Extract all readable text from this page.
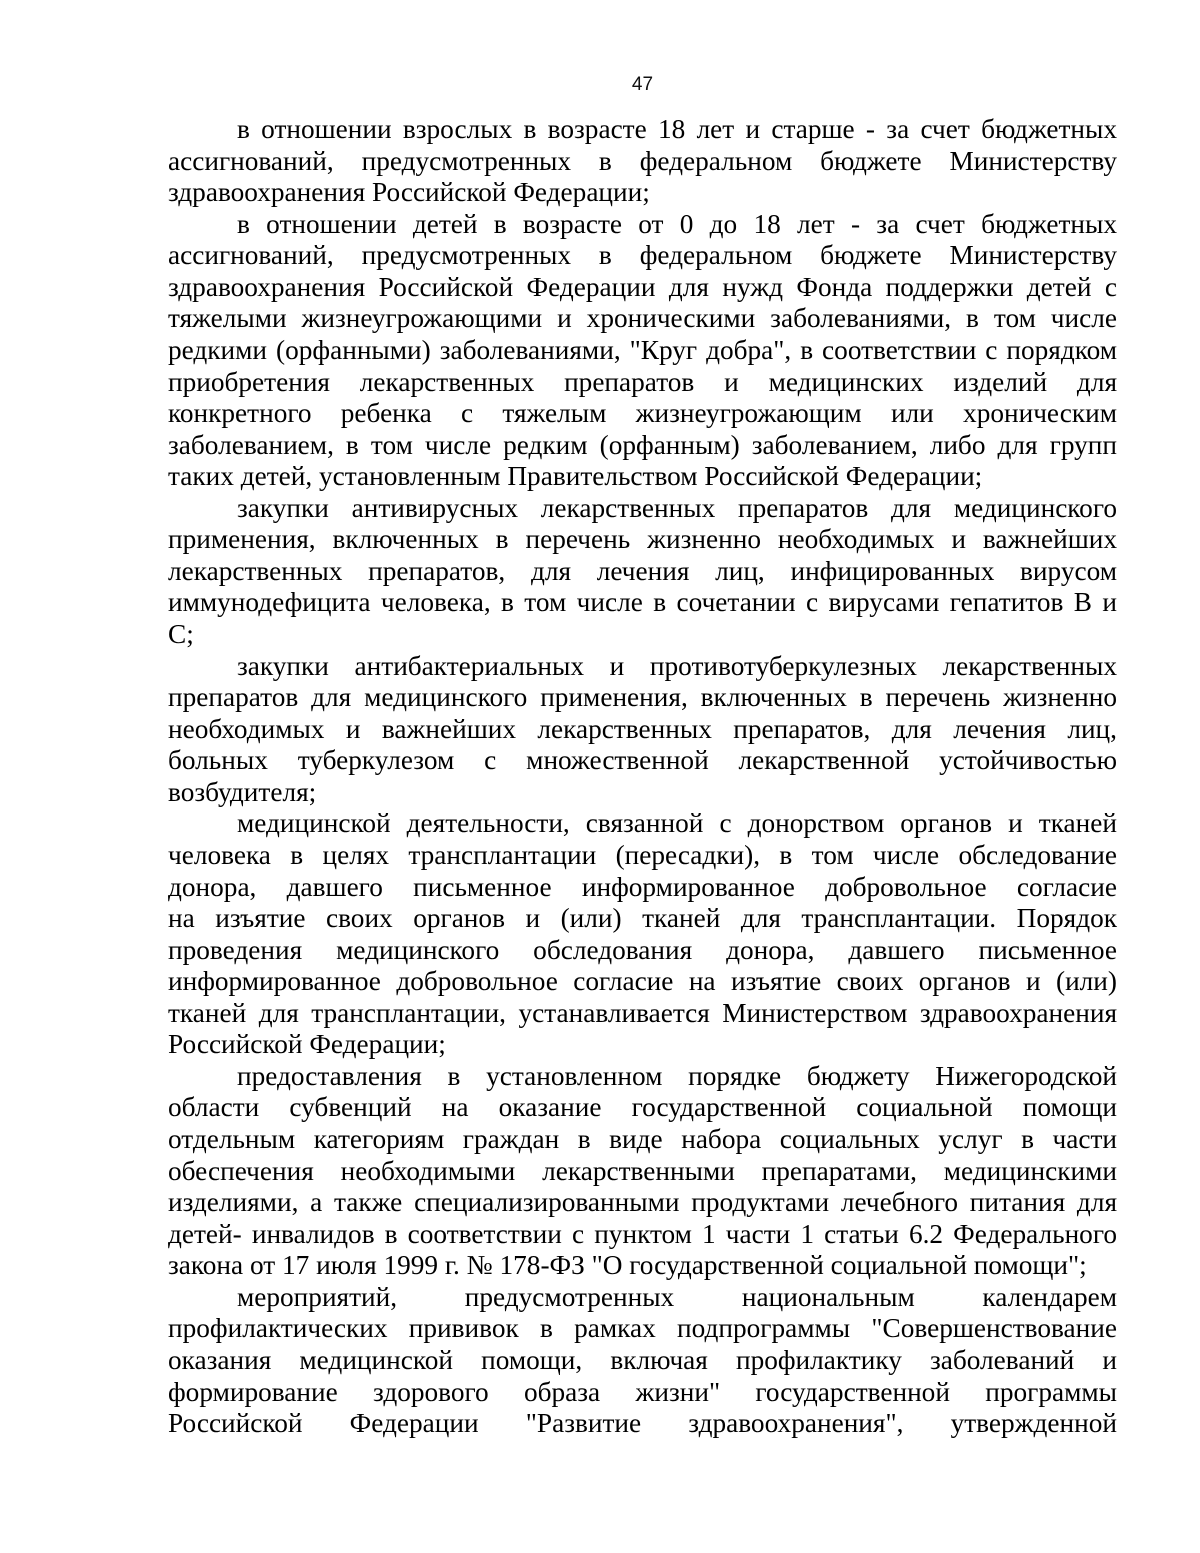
47
в отношении взрослых в возрасте 18 лет и старше - за счет бюджетных
ассигнований, предусмотренных в федеральном бюджете Министерству
здравоохранения Российской Федерации;
в отношении детей в возрасте от 0 до 18 лет - за счет бюджетных
ассигнований, предусмотренных в федеральном бюджете Министерству
здравоохранения Российской Федерации для нужд Фонда поддержки детей с
тяжелыми жизнеугрожающими и хроническими заболеваниями, в том числе
редкими (орфанными) заболеваниями, "Круг добра", в соответствии с порядком
приобретения лекарственных препаратов и медицинских изделий для
конкретного ребенка с тяжелым жизнеугрожающим или хроническим
заболеванием, в том числе редким (орфанным) заболеванием, либо для групп
таких детей, установленным Правительством Российской Федерации;
закупки антивирусных лекарственных препаратов для медицинского
применения, включенных в перечень жизненно необходимых и важнейших
лекарственных препаратов, для лечения лиц, инфицированных вирусом
иммунодефицита человека, в том числе в сочетании с вирусами гепатитов B и
C;
закупки антибактериальных и противотуберкулезных лекарственных
препаратов для медицинского применения, включенных в перечень жизненно
необходимых и важнейших лекарственных препаратов, для лечения лиц,
больных туберкулезом с множественной лекарственной устойчивостью
возбудителя;
медицинской деятельности, связанной с донорством органов и тканей
человека в целях трансплантации (пересадки), в том числе обследование
донора, давшего письменное информированное добровольное согласие
на изъятие своих органов и (или) тканей для трансплантации. Порядок
проведения медицинского обследования донора, давшего письменное
информированное добровольное согласие на изъятие своих органов и (или)
тканей для трансплантации, устанавливается Министерством здравоохранения
Российской Федерации;
предоставления в установленном порядке бюджету Нижегородской
области субвенций на оказание государственной социальной помощи
отдельным категориям граждан в виде набора социальных услуг в части
обеспечения необходимыми лекарственными препаратами, медицинскими
изделиями, а также специализированными продуктами лечебного питания для
детей- инвалидов в соответствии с пунктом 1 части 1 статьи 6.2 Федерального
закона от 17 июля 1999 г. № 178-ФЗ "О государственной социальной помощи";
мероприятий, предусмотренных национальным календарем
профилактических прививок в рамках подпрограммы "Совершенствование
оказания медицинской помощи, включая профилактику заболеваний и
формирование здорового образа жизни" государственной программы
Российской Федерации "Развитие здравоохранения", утвержденной
